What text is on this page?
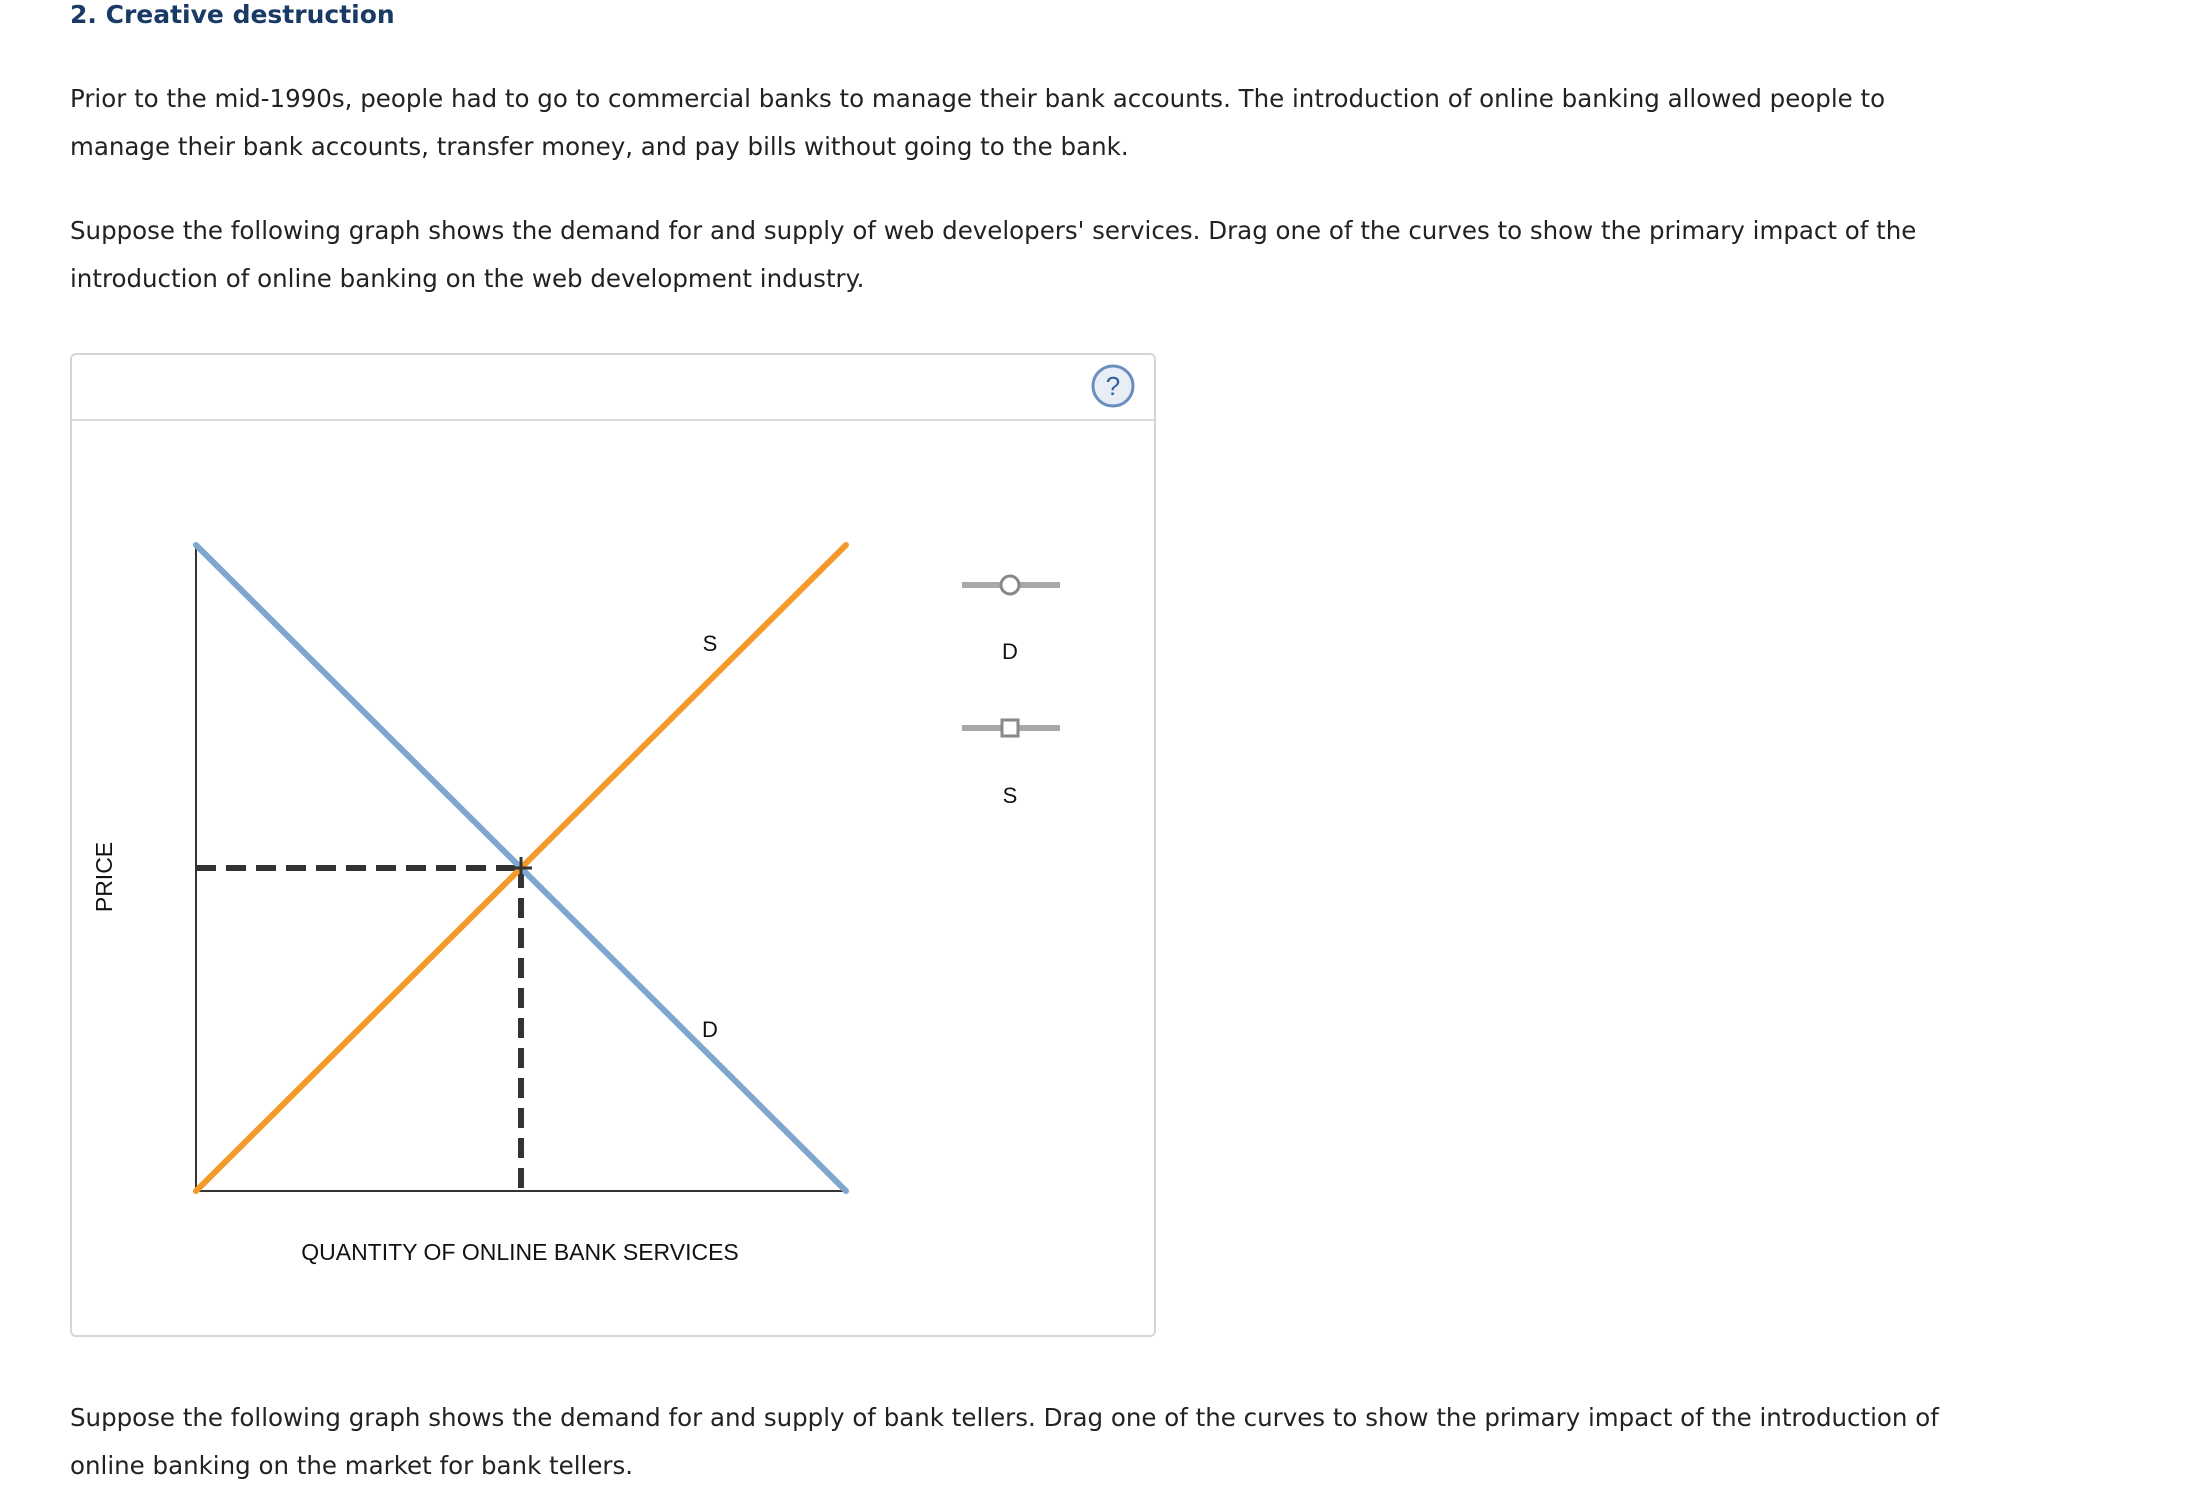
2. Creative destruction
Prior to the mid-1990s, people had to go to commercial banks to manage their bank accounts. The introduction of online banking allowed people to manage their bank accounts, transfer money, and pay bills without going to the bank.
Suppose the following graph shows the demand for and supply of web developers' services. Drag one of the curves to show the primary impact of the introduction of online banking on the web development industry.
?
PRICE
QUANTITY OF ONLINE BANK SERVICES
S
D
D
S
Suppose the following graph shows the demand for and supply of bank tellers. Drag one of the curves to show the primary impact of the introduction of online banking on the market for bank tellers.
